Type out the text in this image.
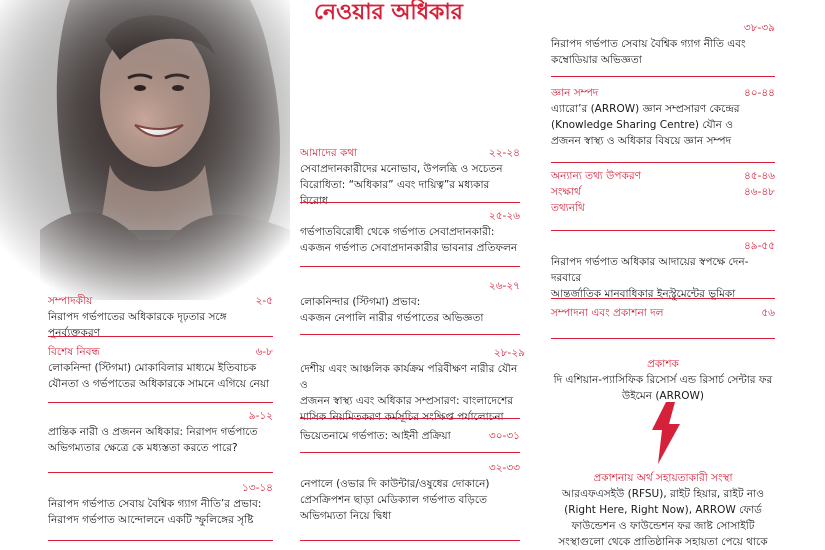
নেওয়ার অধিকার
আমাদের কথা	২২-২৪
সেবাপ্রদানকারীদের মনোভাব, উপলব্ধি ও সচেতন
বিরোধিতা: “অধিকার” এবং দায়িত্ব”র মধ্যকার বিরোধ
২৫-২৬
গর্ভপাতবিরোধী থেকে গর্ভপাত সেবাপ্রদানকারী:
একজন গর্ভপাত সেবাপ্রদানকারীর ভাবনার প্রতিফলন
২৬-২৭
লোকনিন্দার (স্টিগমা) প্রভাব:
একজন নেপালি নারীর গর্ভপাতের অভিজ্ঞতা
২৮-২৯
দেশীয় এবং আঞ্চলিক কার্যক্রম পরিবীক্ষণ নারীর যৌন ও
প্রজনন স্বাস্থ্য এবং অধিকার সম্প্রসারণ: বাংলাদেশের
মাসিক নিয়মিতকরণ কর্মসূচির সংক্ষিপ্ত পর্যালোচনা
ভিয়েতনামে গর্ভপাত: আইনী প্রক্রিয়া	৩০-৩১
৩২-৩৩
নেপালে (ওভার দি কাউন্টার/ওষুধের দোকানে)
প্রেসক্রিপশন ছাড়া মেডিক্যাল গর্ভপাত বড়িতে
অভিগম্যতা নিয়ে দ্বিধা
সম্পাদকীয়	২-৫
নিরাপদ গর্ভপাতের অধিকারকে দৃঢ়তার সঙ্গে পুনর্ব্যক্তকরণ
বিশেষ নিবন্ধ	৬-৮
লোকনিন্দা (স্টিগমা) মোকাবিলার মাধ্যমে ইতিবাচক
যৌনতা ও গর্ভপাতের অধিকারকে সামনে এগিয়ে নেয়া
৯-১২
প্রান্তিক নারী ও প্রজনন অধিকার: নিরাপদ গর্ভপাতে
অভিগম্যতার ক্ষেত্রে কে মধ্যস্ততা করতে পারে?
১৩-১৪
নিরাপদ গর্ভপাত সেবায় বৈশ্বিক গ্যাগ নীতি’র প্রভাব:
নিরাপদ গর্ভপাত আন্দোলনে একটি স্ফুলিঙ্গের সৃষ্টি
৩৮-৩৯
নিরাপদ গর্ভপাত সেবায় বৈশ্বিক গ্যাগ নীতি এবং
কম্বোডিয়ার অভিজ্ঞতা
জ্ঞান সম্পদ	৪০-৪৪
এ্যারো’র (ARROW) জ্ঞান সম্প্রসারণ কেন্দ্রের
(Knowledge Sharing Centre) যৌন ও
প্রজনন স্বাস্থ্য ও অধিকার বিষয়ে জ্ঞান সম্পদ
অন্যান্য তথ্য উপকরণ	৪৫-৪৬
সংক্ষার্থ	৪৬-৪৮
তথ্যনথি
৪৯-৫৫
নিরাপদ গর্ভপাত অধিকার আদায়ের স্বপক্ষে দেন-দরবারে
আন্তর্জাতিক মানবাধিকার ইনস্ট্রুমেন্টের ভূমিকা
সম্পাদনা এবং প্রকাশনা দল	৫৬
প্রকাশক
দি এশিয়ান-প্যাসিফিক রিসোর্স এন্ড রিসার্চ সেন্টার ফর
উইমেন (ARROW)
প্রকাশনায় অর্থ সহায়তাকারী সংস্থা
আরএফএসইউ (RFSU), রাইট হিয়ার, রাইট নাও
(Right Here, Right Now), ARROW ফোর্ড
ফাউন্ডেশন ও ফাউন্ডেশন ফর জাষ্ট সোসাইটি
সংস্থাগুলো থেকে প্রাতিষ্ঠানিক সহায়তা পেয়ে থাকে
